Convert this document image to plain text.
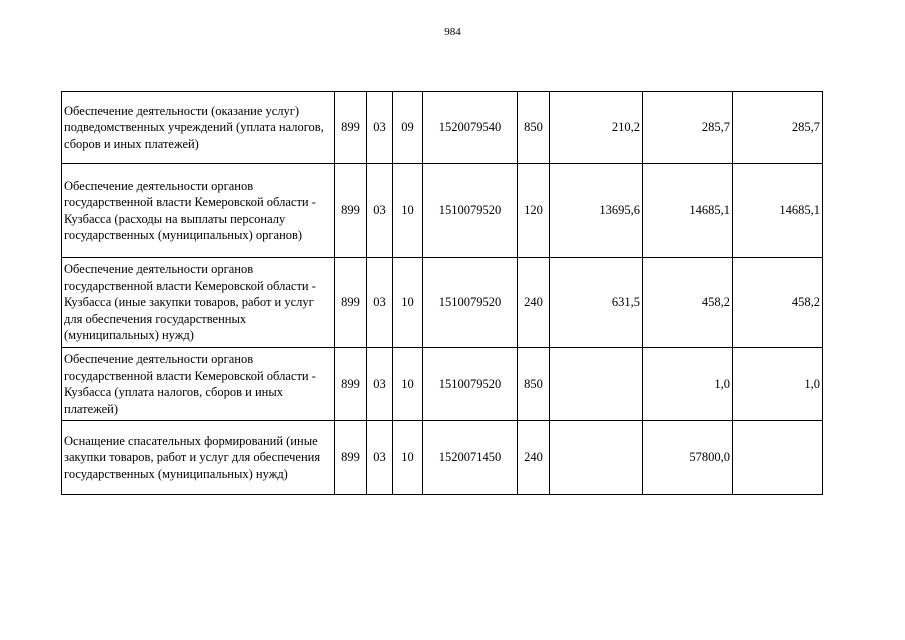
984
Обеспечение деятельности (оказание услуг) подведомственных учреждений (уплата налогов, сборов и иных платежей)	899	03	09	1520079540	850	210,2	285,7	285,7
Обеспечение деятельности органов государственной власти Кемеровской области - Кузбасса (расходы на выплаты персоналу государственных (муниципальных) органов)	899	03	10	1510079520	120	13695,6	14685,1	14685,1
Обеспечение деятельности органов государственной власти Кемеровской области - Кузбасса (иные закупки товаров, работ и услуг для обеспечения государственных (муниципальных) нужд)	899	03	10	1510079520	240	631,5	458,2	458,2
Обеспечение деятельности органов государственной власти Кемеровской области - Кузбасса (уплата налогов, сборов и иных платежей)	899	03	10	1510079520	850		1,0	1,0
Оснащение спасательных формирований (иные закупки товаров, работ и услуг для обеспечения государственных (муниципальных) нужд)	899	03	10	1520071450	240		57800,0	
